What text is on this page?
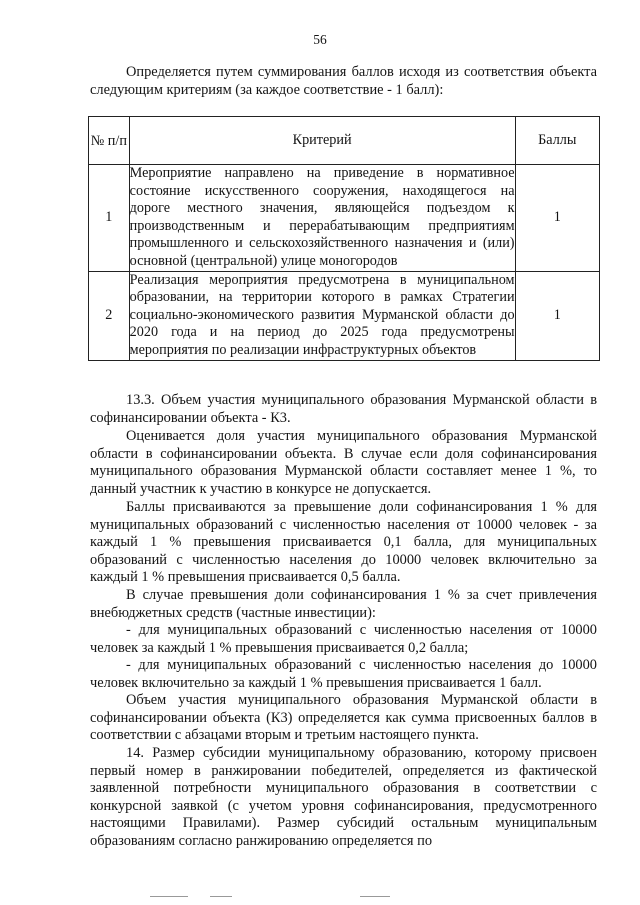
56

Определяется путем суммирования баллов исходя из соответствия объекта следующим критериям (за каждое соответствие - 1 балл):

№ п/п	Критерий	Баллы
1	Мероприятие направлено на приведение в нормативное состояние искусственного сооружения, находящегося на дороге местного значения, являющейся подъездом к производственным и перерабатывающим предприятиям промышленного и сельскохозяйственного назначения и (или) основной (центральной) улице моногородов	1
2	Реализация мероприятия предусмотрена в муниципальном образовании, на территории которого в рамках Стратегии социально-экономического развития Мурманской области до 2020 года и на период до 2025 года предусмотрены мероприятия по реализации инфраструктурных объектов	1

13.3. Объем участия муниципального образования Мурманской области в софинансировании объекта - К3.

Оценивается доля участия муниципального образования Мурманской области в софинансировании объекта. В случае если доля софинансирования муниципального образования Мурманской области составляет менее 1 %, то данный участник к участию в конкурсе не допускается.

Баллы присваиваются за превышение доли софинансирования 1 % для муниципальных образований с численностью населения от 10000 человек - за каждый 1 % превышения присваивается 0,1 балла, для муниципальных образований с численностью населения до 10000 человек включительно за каждый 1 % превышения присваивается 0,5 балла.

В случае превышения доли софинансирования 1 % за счет привлечения внебюджетных средств (частные инвестиции):

- для муниципальных образований с численностью населения от 10000 человек за каждый 1 % превышения присваивается 0,2 балла;

- для муниципальных образований с численностью населения до 10000 человек включительно за каждый 1 % превышения присваивается 1 балл.

Объем участия муниципального образования Мурманской области в софинансировании объекта (К3) определяется как сумма присвоенных баллов в соответствии с абзацами вторым и третьим настоящего пункта.

14. Размер субсидии муниципальному образованию, которому присвоен первый номер в ранжировании победителей, определяется из фактической заявленной потребности муниципального образования в соответствии с конкурсной заявкой (с учетом уровня софинансирования, предусмотренного настоящими Правилами). Размер субсидий остальным муниципальным образованиям согласно ранжированию определяется по
